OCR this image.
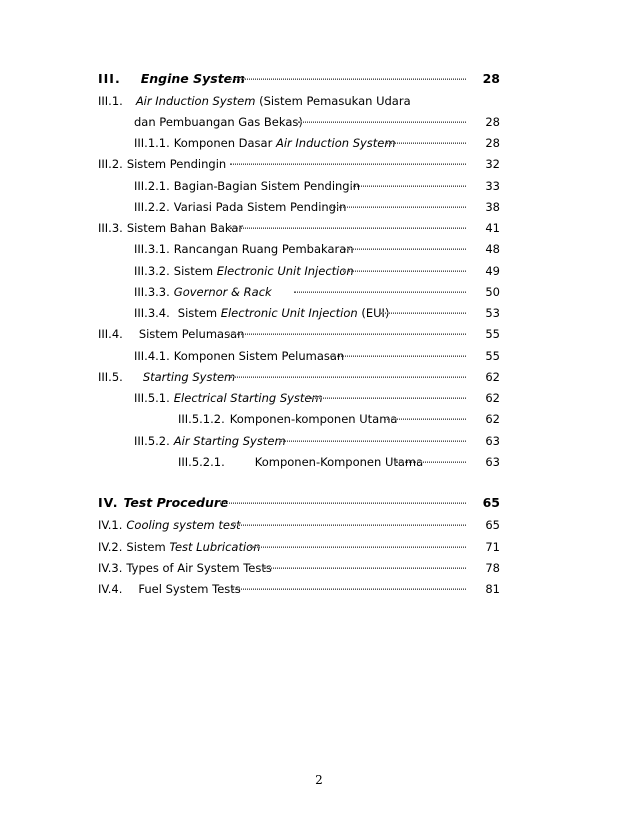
III. Engine System	28
III.1. Air Induction System (Sistem Pemasukan Udara
dan Pembuangan Gas Bekas)	28
III.1.1. Komponen Dasar Air Induction System	28
III.2. Sistem Pendingin	32
III.2.1. Bagian-Bagian Sistem Pendingin	33
III.2.2. Variasi Pada Sistem Pendingin	38
III.3. Sistem Bahan Bakar	41
III.3.1. Rancangan Ruang Pembakaran	48
III.3.2. Sistem Electronic Unit Injection	49
III.3.3. Governor & Rack	50
III.3.4. Sistem Electronic Unit Injection (EUI)	53
III.4. Sistem Pelumasan	55
III.4.1. Komponen Sistem Pelumasan	55
III.5. Starting System	62
III.5.1. Electrical Starting System	62
III.5.1.2. Komponen-komponen Utama	62
III.5.2. Air Starting System	63
III.5.2.1.	Komponen-Komponen Utama	63
IV. Test Procedure	65
IV.1. Cooling system test	65
IV.2. Sistem Test Lubrication	71
IV.3. Types of Air System Tests	78
IV.4. Fuel System Tests	81
2
